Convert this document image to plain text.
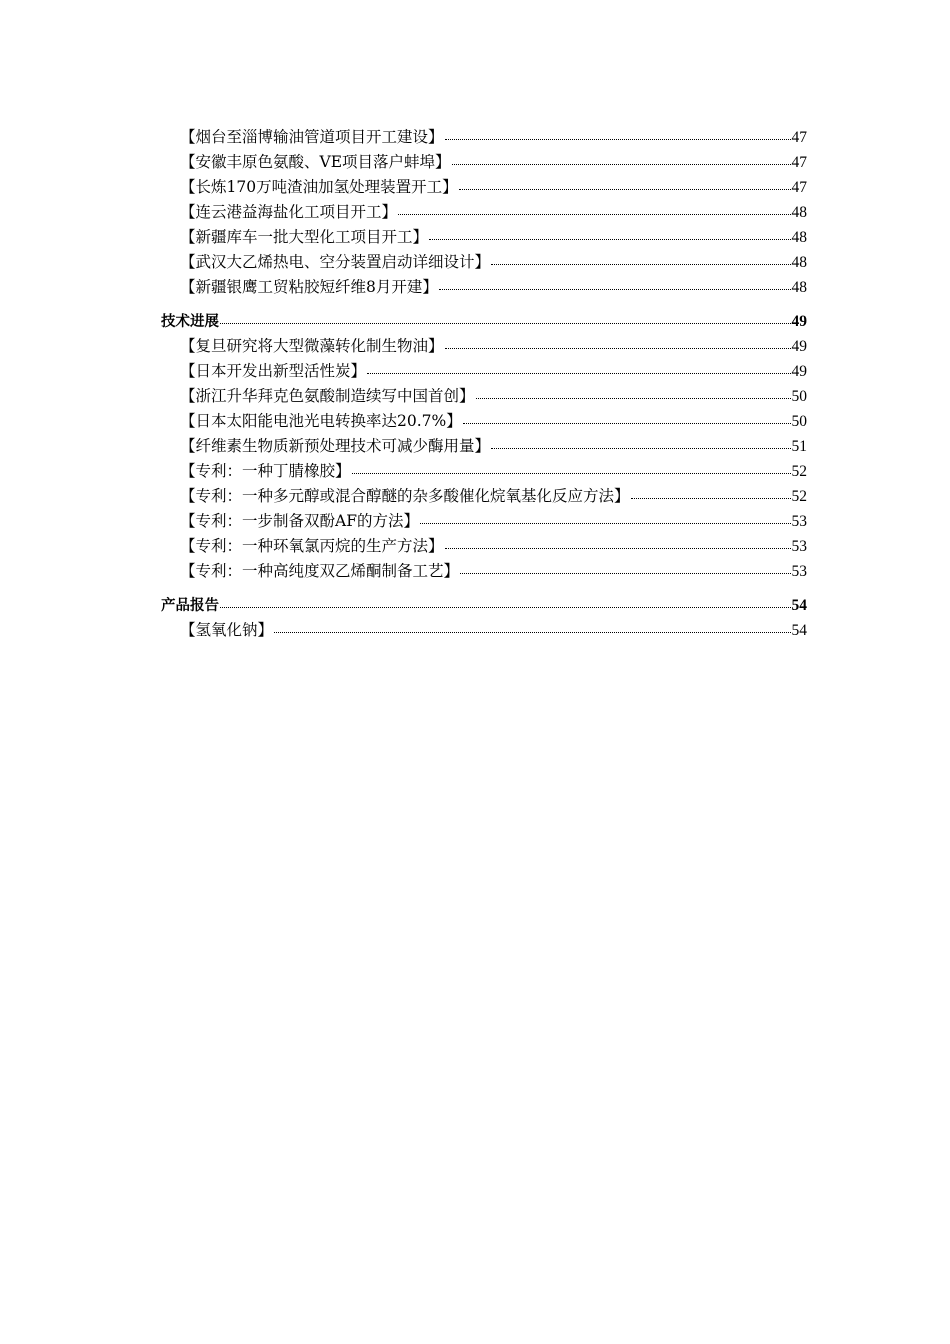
【烟台至淄博输油管道项目开工建设】	47
【安徽丰原色氨酸、VE项目落户蚌埠】	47
【长炼170万吨渣油加氢处理装置开工】	47
【连云港益海盐化工项目开工】	48
【新疆库车一批大型化工项目开工】	48
【武汉大乙烯热电、空分装置启动详细设计】	48
【新疆银鹰工贸粘胶短纤维8月开建】	48
技术进展	49
【复旦研究将大型微藻转化制生物油】	49
【日本开发出新型活性炭】	49
【浙江升华拜克色氨酸制造续写中国首创】	50
【日本太阳能电池光电转换率达20.7%】	50
【纤维素生物质新预处理技术可减少酶用量】	51
【专利：一种丁腈橡胶】	52
【专利：一种多元醇或混合醇醚的杂多酸催化烷氧基化反应方法】	52
【专利：一步制备双酚AF的方法】	53
【专利：一种环氧氯丙烷的生产方法】	53
【专利：一种高纯度双乙烯酮制备工艺】	53
产品报告	54
【氢氧化钠】	54
